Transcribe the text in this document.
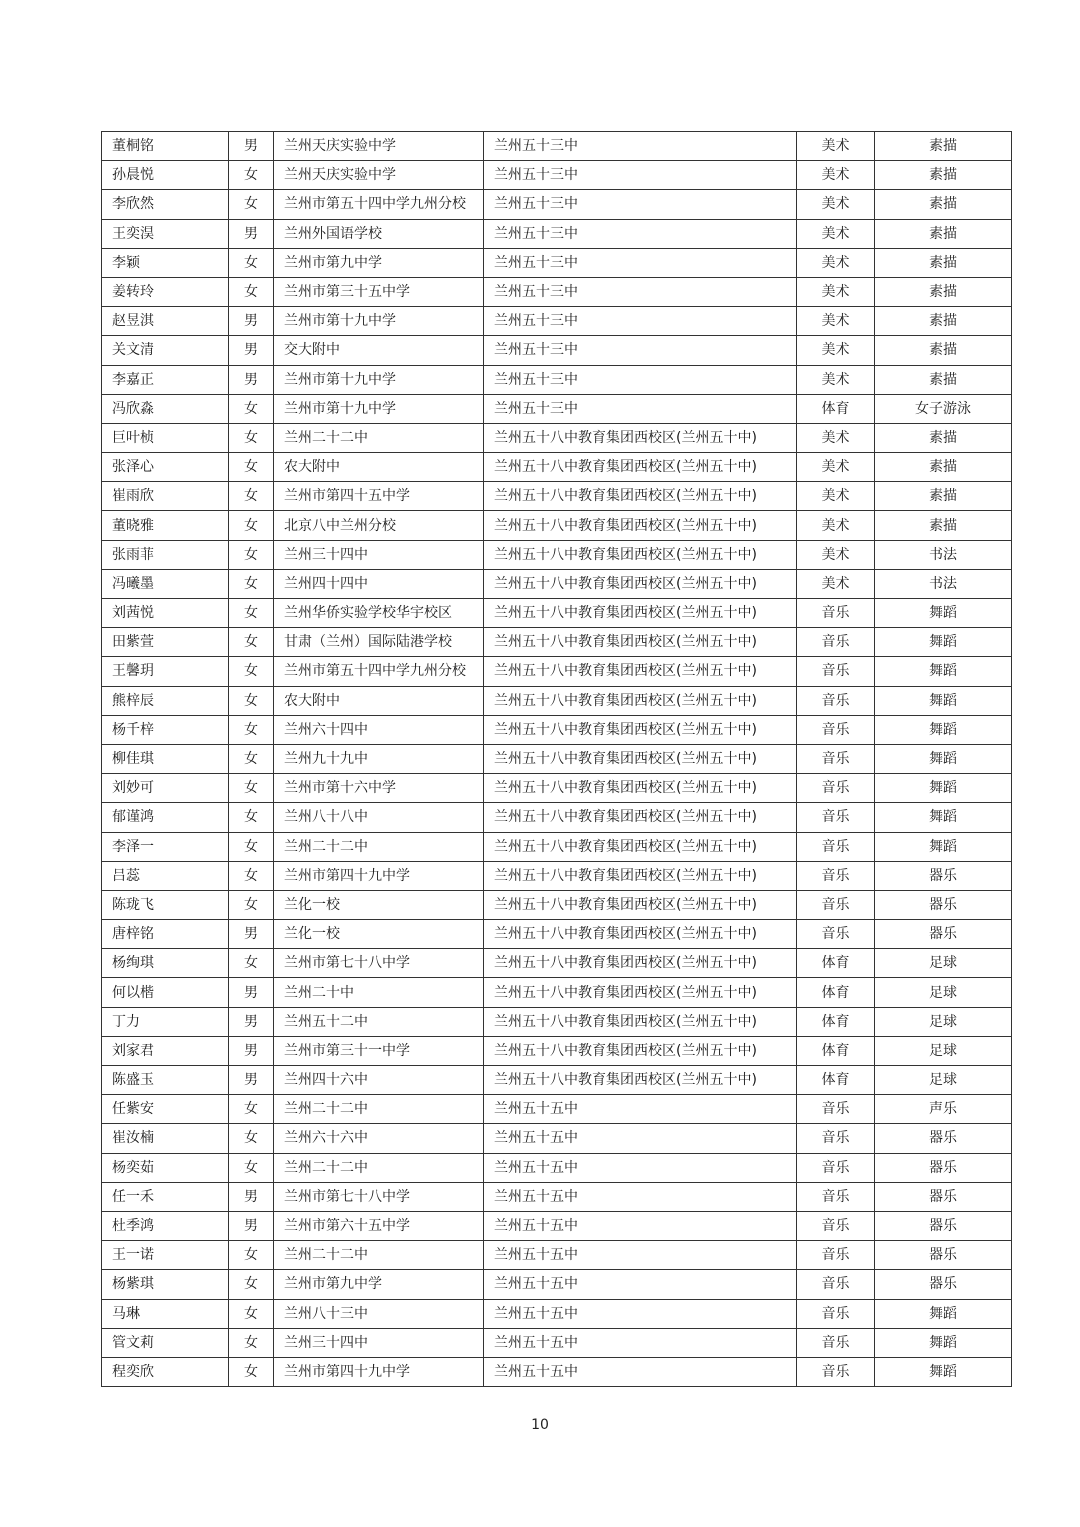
董桐铭	男	兰州天庆实验中学	兰州五十三中	美术	素描
孙晨悦	女	兰州天庆实验中学	兰州五十三中	美术	素描
李欣然	女	兰州市第五十四中学九州分校	兰州五十三中	美术	素描
王奕淏	男	兰州外国语学校	兰州五十三中	美术	素描
李颖	女	兰州市第九中学	兰州五十三中	美术	素描
姜转玲	女	兰州市第三十五中学	兰州五十三中	美术	素描
赵昱淇	男	兰州市第十九中学	兰州五十三中	美术	素描
关文清	男	交大附中	兰州五十三中	美术	素描
李嘉正	男	兰州市第十九中学	兰州五十三中	美术	素描
冯欣淼	女	兰州市第十九中学	兰州五十三中	体育	女子游泳
巨叶桢	女	兰州二十二中	兰州五十八中教育集团西校区(兰州五十中)	美术	素描
张泽心	女	农大附中	兰州五十八中教育集团西校区(兰州五十中)	美术	素描
崔雨欣	女	兰州市第四十五中学	兰州五十八中教育集团西校区(兰州五十中)	美术	素描
董晓雅	女	北京八中兰州分校	兰州五十八中教育集团西校区(兰州五十中)	美术	素描
张雨菲	女	兰州三十四中	兰州五十八中教育集团西校区(兰州五十中)	美术	书法
冯曦墨	女	兰州四十四中	兰州五十八中教育集团西校区(兰州五十中)	美术	书法
刘茜悦	女	兰州华侨实验学校华宇校区	兰州五十八中教育集团西校区(兰州五十中)	音乐	舞蹈
田紫萱	女	甘肃（兰州）国际陆港学校	兰州五十八中教育集团西校区(兰州五十中)	音乐	舞蹈
王馨玥	女	兰州市第五十四中学九州分校	兰州五十八中教育集团西校区(兰州五十中)	音乐	舞蹈
熊梓辰	女	农大附中	兰州五十八中教育集团西校区(兰州五十中)	音乐	舞蹈
杨千梓	女	兰州六十四中	兰州五十八中教育集团西校区(兰州五十中)	音乐	舞蹈
柳佳琪	女	兰州九十九中	兰州五十八中教育集团西校区(兰州五十中)	音乐	舞蹈
刘妙可	女	兰州市第十六中学	兰州五十八中教育集团西校区(兰州五十中)	音乐	舞蹈
郁谨鸿	女	兰州八十八中	兰州五十八中教育集团西校区(兰州五十中)	音乐	舞蹈
李泽一	女	兰州二十二中	兰州五十八中教育集团西校区(兰州五十中)	音乐	舞蹈
吕蕊	女	兰州市第四十九中学	兰州五十八中教育集团西校区(兰州五十中)	音乐	器乐
陈珑飞	女	兰化一校	兰州五十八中教育集团西校区(兰州五十中)	音乐	器乐
唐梓铭	男	兰化一校	兰州五十八中教育集团西校区(兰州五十中)	音乐	器乐
杨绚琪	女	兰州市第七十八中学	兰州五十八中教育集团西校区(兰州五十中)	体育	足球
何以楷	男	兰州二十中	兰州五十八中教育集团西校区(兰州五十中)	体育	足球
丁力	男	兰州五十二中	兰州五十八中教育集团西校区(兰州五十中)	体育	足球
刘家君	男	兰州市第三十一中学	兰州五十八中教育集团西校区(兰州五十中)	体育	足球
陈盛玉	男	兰州四十六中	兰州五十八中教育集团西校区(兰州五十中)	体育	足球
任紫安	女	兰州二十二中	兰州五十五中	音乐	声乐
崔汝楠	女	兰州六十六中	兰州五十五中	音乐	器乐
杨奕茹	女	兰州二十二中	兰州五十五中	音乐	器乐
任一禾	男	兰州市第七十八中学	兰州五十五中	音乐	器乐
杜季鸿	男	兰州市第六十五中学	兰州五十五中	音乐	器乐
王一诺	女	兰州二十二中	兰州五十五中	音乐	器乐
杨紫琪	女	兰州市第九中学	兰州五十五中	音乐	器乐
马琳	女	兰州八十三中	兰州五十五中	音乐	舞蹈
管文莉	女	兰州三十四中	兰州五十五中	音乐	舞蹈
程奕欣	女	兰州市第四十九中学	兰州五十五中	音乐	舞蹈
10
